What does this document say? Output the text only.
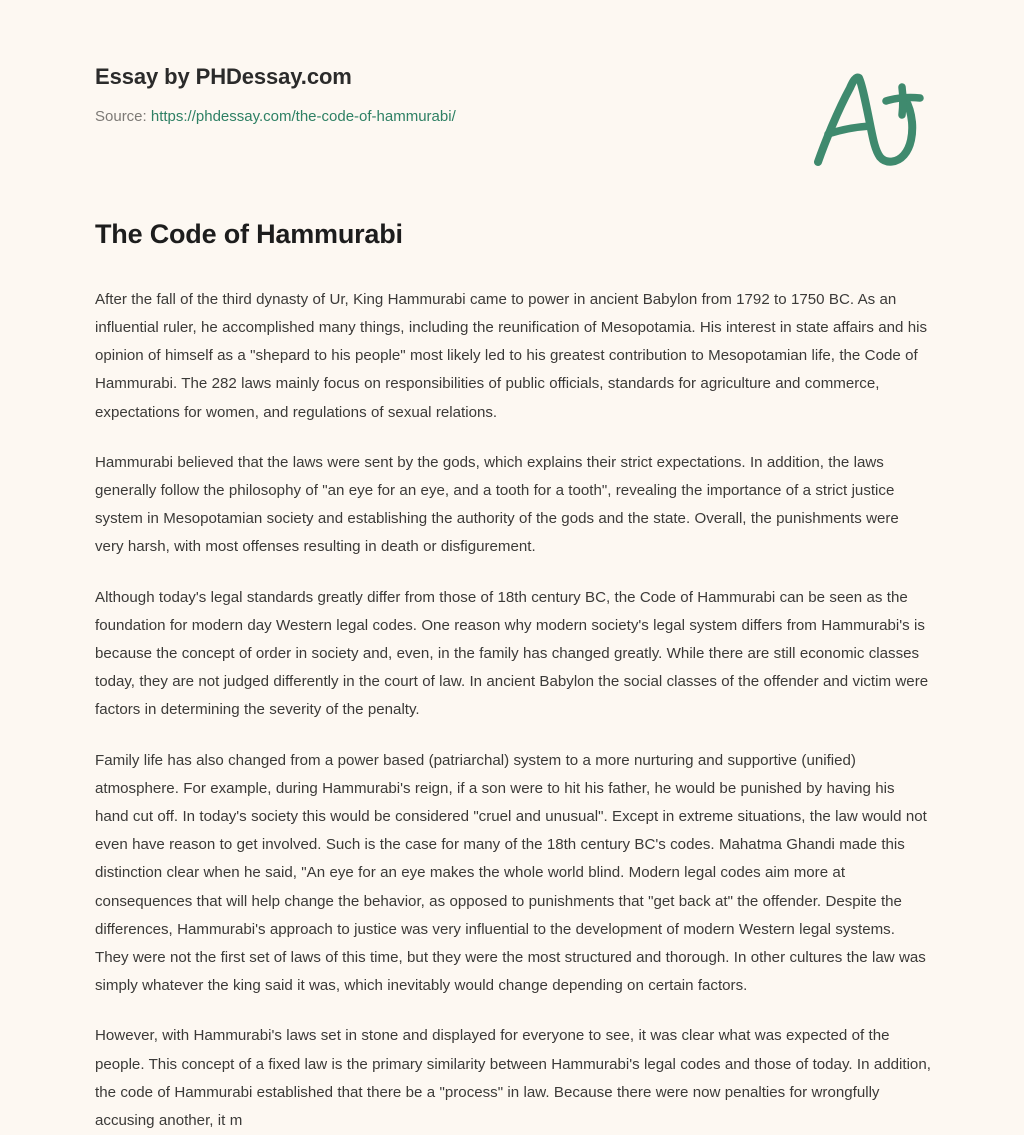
Essay by PHDessay.com
Source: https://phdessay.com/the-code-of-hammurabi/
The Code of Hammurabi

After the fall of the third dynasty of Ur, King Hammurabi came to power in ancient Babylon from 1792 to 1750 BC. As an influential ruler, he accomplished many things, including the reunification of Mesopotamia. His interest in state affairs and his opinion of himself as a "shepard to his people" most likely led to his greatest contribution to Mesopotamian life, the Code of Hammurabi. The 282 laws mainly focus on responsibilities of public officials, standards for agriculture and commerce, expectations for women, and regulations of sexual relations.

Hammurabi believed that the laws were sent by the gods, which explains their strict expectations. In addition, the laws generally follow the philosophy of "an eye for an eye, and a tooth for a tooth", revealing the importance of a strict justice system in Mesopotamian society and establishing the authority of the gods and the state. Overall, the punishments were very harsh, with most offenses resulting in death or disfigurement.

Although today's legal standards greatly differ from those of 18th century BC, the Code of Hammurabi can be seen as the foundation for modern day Western legal codes. One reason why modern society's legal system differs from Hammurabi's is because the concept of order in society and, even, in the family has changed greatly. While there are still economic classes today, they are not judged differently in the court of law. In ancient Babylon the social classes of the offender and victim were factors in determining the severity of the penalty.

Family life has also changed from a power based (patriarchal) system to a more nurturing and supportive (unified) atmosphere. For example, during Hammurabi's reign, if a son were to hit his father, he would be punished by having his hand cut off. In today's society this would be considered "cruel and unusual". Except in extreme situations, the law would not even have reason to get involved. Such is the case for many of the 18th century BC's codes. Mahatma Ghandi made this distinction clear when he said, "An eye for an eye makes the whole world blind. Modern legal codes aim more at consequences that will help change the behavior, as opposed to punishments that "get back at" the offender. Despite the differences, Hammurabi's approach to justice was very influential to the development of modern Western legal systems. They were not the first set of laws of this time, but they were the most structured and thorough. In other cultures the law was simply whatever the king said it was, which inevitably would change depending on certain factors.

However, with Hammurabi's laws set in stone and displayed for everyone to see, it was clear what was expected of the people. This concept of a fixed law is the primary similarity between Hammurabi's legal codes and those of today. In addition, the code of Hammurabi established that there be a "process" in law. Because there were now penalties for wrongfully accusing another, it m
